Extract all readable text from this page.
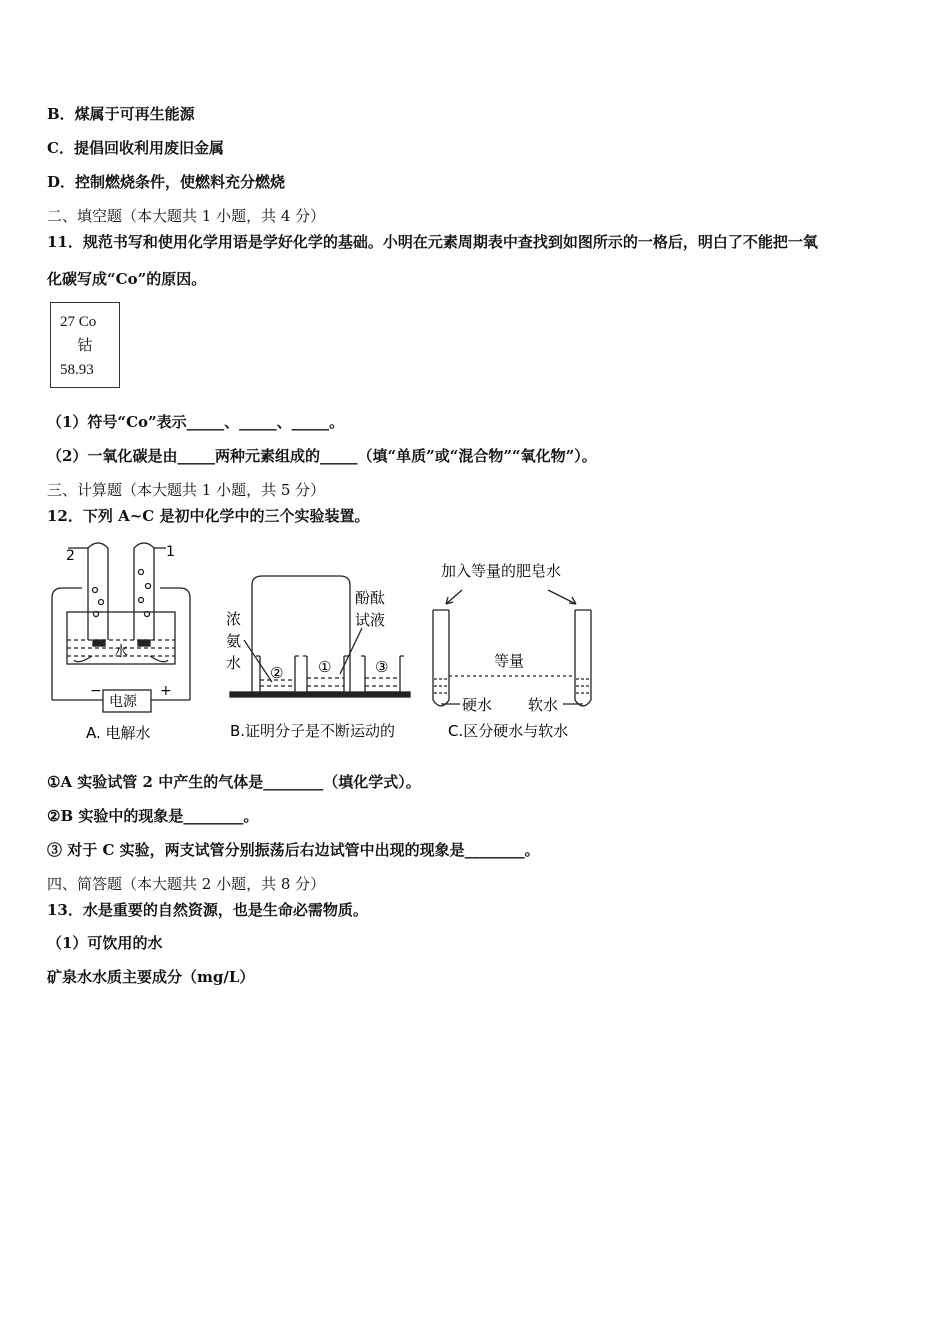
B．煤属于可再生能源
C．提倡回收利用废旧金属
D．控制燃烧条件，使燃料充分燃烧
二、填空题（本大题共 1 小题，共 4 分）
11．规范书写和使用化学用语是学好化学的基础。小明在元素周期表中查找到如图所示的一格后，明白了不能把一氧
化碳写成“Co”的原因。
27 Co
钴
58.93
（1）符号“Co”表示_____、_____、_____。
（2）一氧化碳是由_____两种元素组成的_____（填“单质”或“混合物”“氧化物”）。
三、计算题（本大题共 1 小题，共 5 分）
12．下列 A~C 是初中化学中的三个实验装置。
2	1
水
电源
−	+
A. 电解水
浓
氨
水
酚酞
试液
② ①	③
B.证明分子是不断运动的
加入等量的肥皂水
等量
硬水 软水
C.区分硬水与软水
①A 实验试管 2 中产生的气体是________（填化学式）。
②B 实验中的现象是________。
③ 对于 C 实验，两支试管分别振荡后右边试管中出现的现象是________。
四、简答题（本大题共 2 小题，共 8 分）
13．水是重要的自然资源，也是生命必需物质。
（1）可饮用的水
矿泉水水质主要成分（mg/L）
